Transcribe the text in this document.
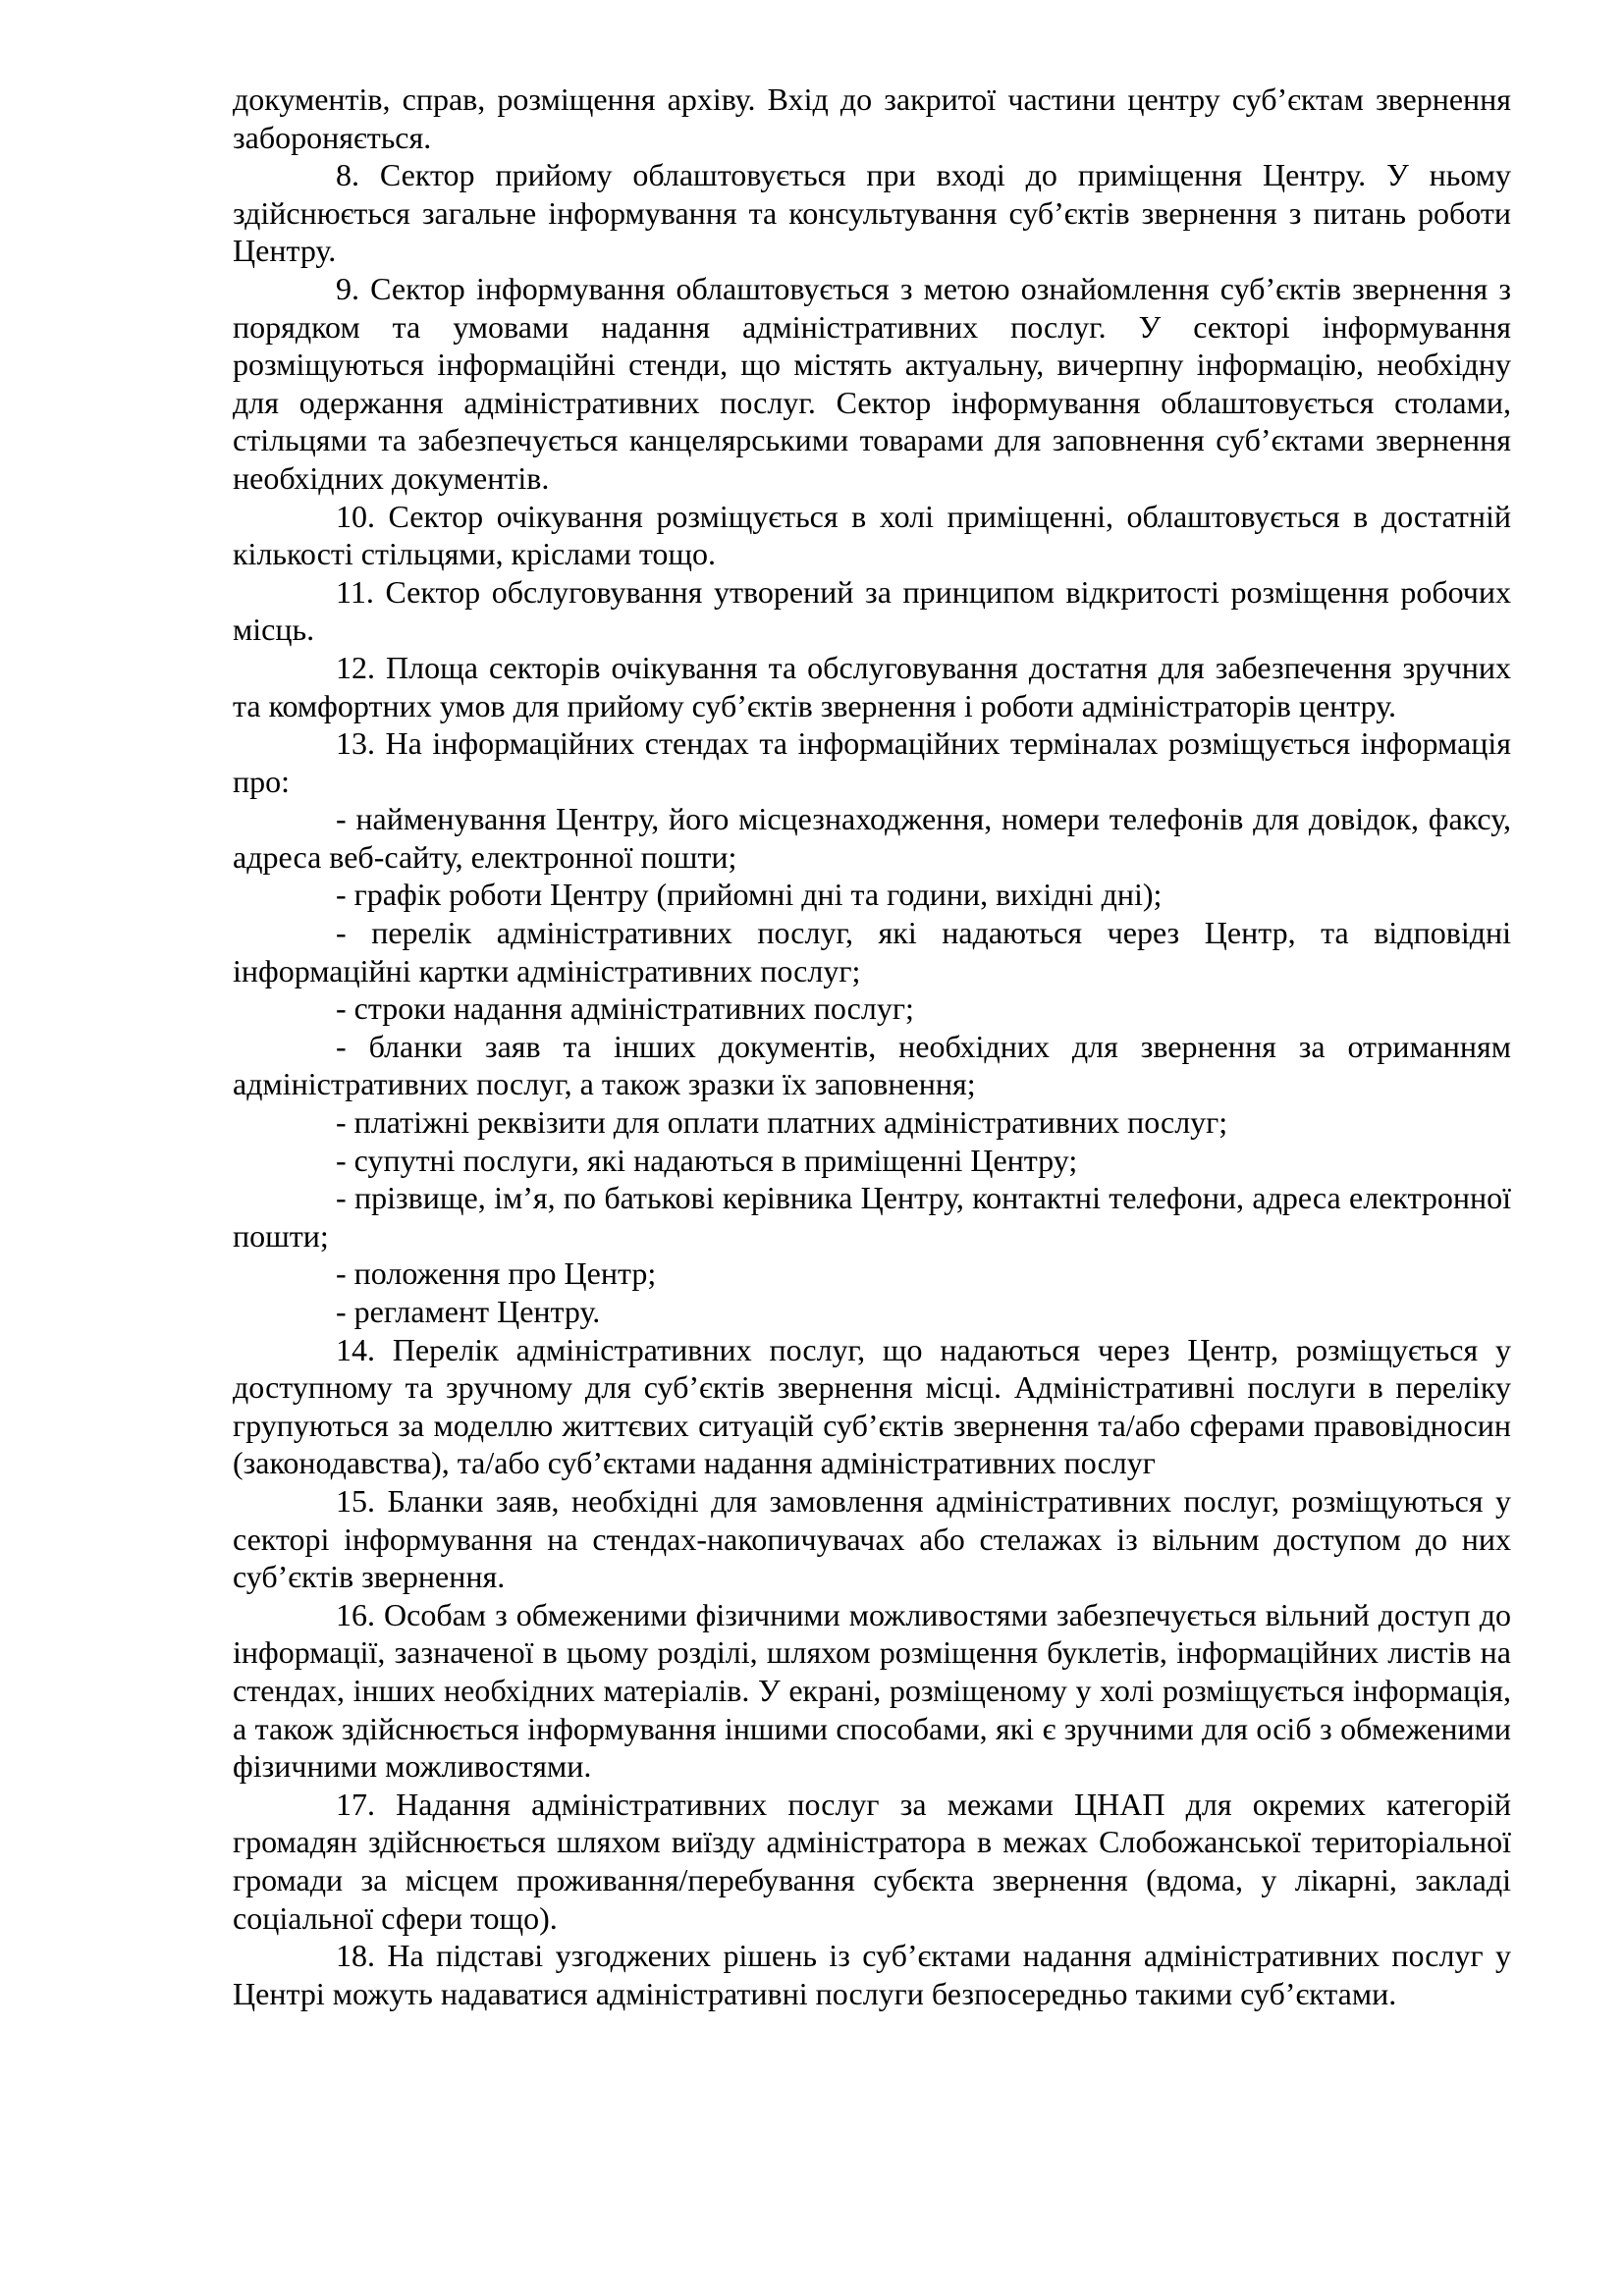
документів, справ, розміщення архіву. Вхід до закритої частини центру суб’єктам звернення забороняється.

8. Сектор прийому облаштовується при вході до приміщення Центру. У ньому здійснюється загальне інформування та консультування суб’єктів звернення з питань роботи Центру.

9. Сектор інформування облаштовується з метою ознайомлення суб’єктів звернення з порядком та умовами надання адміністративних послуг. У секторі інформування розміщуються інформаційні стенди, що містять актуальну, вичерпну інформацію, необхідну для одержання адміністративних послуг. Сектор інформування облаштовується столами, стільцями та забезпечується канцелярськими товарами для заповнення суб’єктами звернення необхідних документів.

10. Сектор очікування розміщується в холі приміщенні, облаштовується в достатній кількості стільцями, кріслами тощо.

11. Сектор обслуговування утворений за принципом відкритості розміщення робочих місць.

12. Площа секторів очікування та обслуговування достатня для забезпечення зручних та комфортних умов для прийому суб’єктів звернення і роботи адміністраторів центру.

13. На інформаційних стендах та інформаційних терміналах розміщується інформація про:

- найменування Центру, його місцезнаходження, номери телефонів для довідок, факсу, адреса веб-сайту, електронної пошти;

- графік роботи Центру (прийомні дні та години, вихідні дні);

- перелік адміністративних послуг, які надаються через Центр, та відповідні інформаційні картки адміністративних послуг;

- строки надання адміністративних послуг;

- бланки заяв та інших документів, необхідних для звернення за отриманням адміністративних послуг, а також зразки їх заповнення;

- платіжні реквізити для оплати платних адміністративних послуг;

- супутні послуги, які надаються в приміщенні Центру;

- прізвище, ім’я, по батькові керівника Центру, контактні телефони, адреса електронної пошти;

- положення про Центр;

- регламент Центру.

14. Перелік адміністративних послуг, що надаються через Центр, розміщується у доступному та зручному для суб’єктів звернення місці. Адміністративні послуги в переліку групуються за моделлю життєвих ситуацій суб’єктів звернення та/або сферами правовідносин (законодавства), та/або суб’єктами надання адміністративних послуг

15. Бланки заяв, необхідні для замовлення адміністративних послуг, розміщуються у секторі інформування на стендах-накопичувачах або стелажах із вільним доступом до них суб’єктів звернення.

16. Особам з обмеженими фізичними можливостями забезпечується вільний доступ до інформації, зазначеної в цьому розділі, шляхом розміщення буклетів, інформаційних листів на стендах, інших необхідних матеріалів. У екрані, розміщеному у холі розміщується інформація, а також здійснюється інформування іншими способами, які є зручними для осіб з обмеженими фізичними можливостями.

17. Надання адміністративних послуг за межами ЦНАП для окремих категорій громадян здійснюється шляхом виїзду адміністратора в межах Слобожанської територіальної громади за місцем проживання/перебування субєкта звернення (вдома, у лікарні, закладі соціальної сфери тощо).

18. На підставі узгоджених рішень із суб’єктами надання адміністративних послуг у Центрі можуть надаватися адміністративні послуги безпосередньо такими суб’єктами.
